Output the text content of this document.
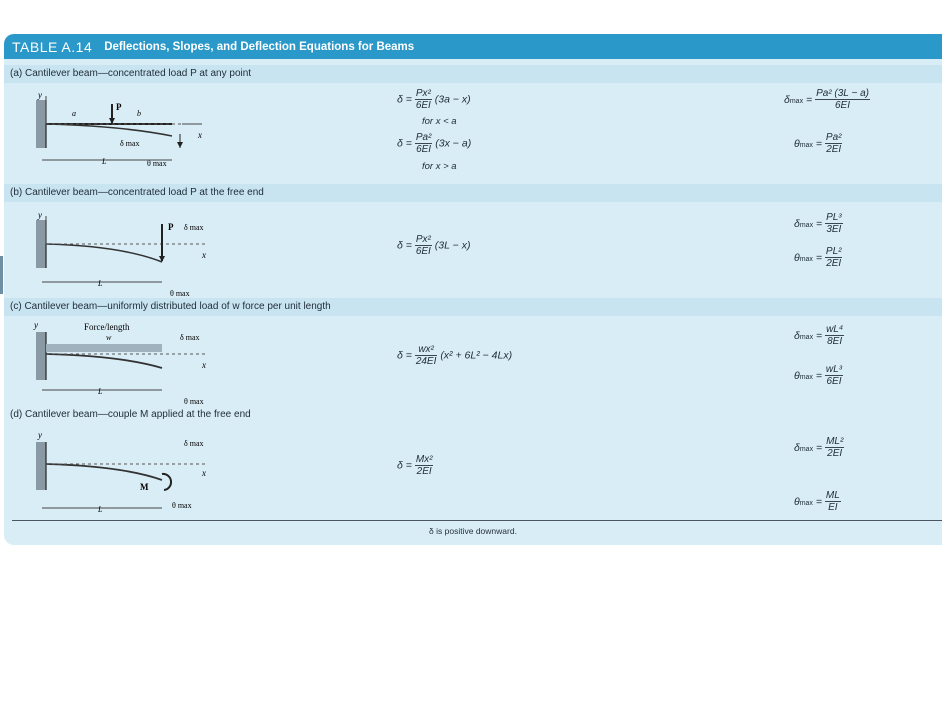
TABLE A.14 Deflections, Slopes, and Deflection Equations for Beams
(a) Cantilever beam—concentrated load P at any point
y
x
P
a	b
δ max
θ max
L
$\delta = \frac{\text{Px²}}{6EI} (3a - x)$
for x < a
$\delta = \frac{\text{Pa²}}{6EI} (3x - a)$
for x > a
$\delta\max = \frac{\text{Pa² (3L − a)}}{6EI}$
$\theta\max = \frac{\text{Pa²}}{2EI}$
(b) Cantilever beam—concentrated load P at the free end
y
P δ max
x
θ max
L
$\delta = \frac{\text{Px²}}{6EI} (3L - x)$
$\delta\max = \frac{\text{PL³}}{3EI}$
$\theta\max = \frac{\text{PL²}}{2EI}$
(c) Cantilever beam—uniformly distributed load of w force per unit length
y	Force/length
w	δ max
x
θ max
L
$\delta = \frac{\text{wx²}}{24EI} (x^2 + 6L^2 - 4Lx)$
$\delta\max = \frac{\text{wL⁴}}{8EI}$
$\theta\max = \frac{\text{wL³}}{6EI}$
(d) Cantilever beam—couple M applied at the free end
y
M
δ max
x
θ max
L
$\delta = \frac{\text{Mx²}}{2EI}$
$\delta\max = \frac{\text{ML²}}{2EI}$
$\theta\max = \frac{ML}{EI}$
δ is positive downward.
